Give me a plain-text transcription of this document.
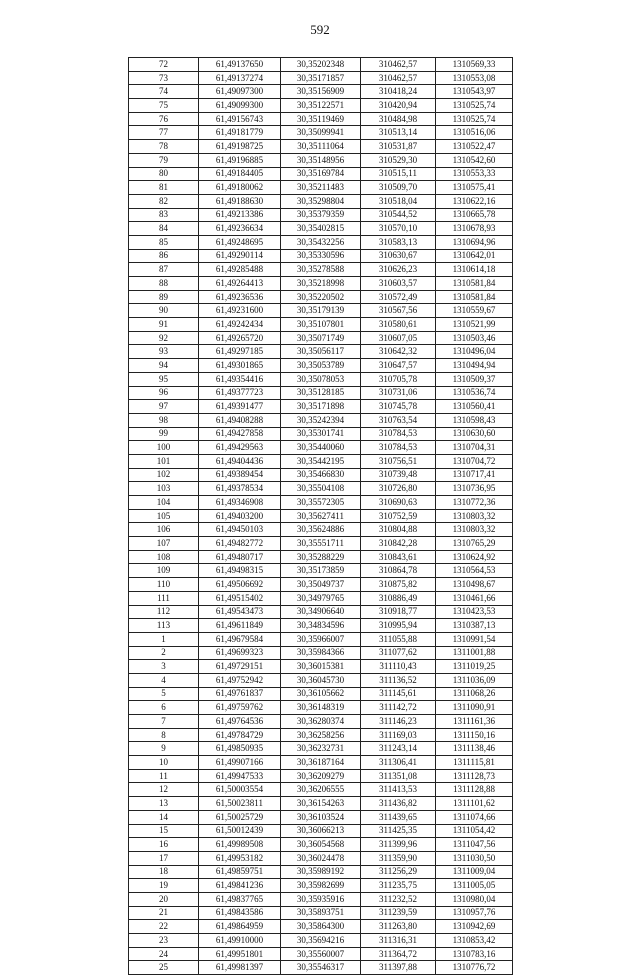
592
72	61,49137650	30,35202348	310462,57	1310569,33
73	61,49137274	30,35171857	310462,57	1310553,08
74	61,49097300	30,35156909	310418,24	1310543,97
75	61,49099300	30,35122571	310420,94	1310525,74
76	61,49156743	30,35119469	310484,98	1310525,74
77	61,49181779	30,35099941	310513,14	1310516,06
78	61,49198725	30,35111064	310531,87	1310522,47
79	61,49196885	30,35148956	310529,30	1310542,60
80	61,49184405	30,35169784	310515,11	1310553,33
81	61,49180062	30,35211483	310509,70	1310575,41
82	61,49188630	30,35298804	310518,04	1310622,16
83	61,49213386	30,35379359	310544,52	1310665,78
84	61,49236634	30,35402815	310570,10	1310678,93
85	61,49248695	30,35432256	310583,13	1310694,96
86	61,49290114	30,35330596	310630,67	1310642,01
87	61,49285488	30,35278588	310626,23	1310614,18
88	61,49264413	30,35218998	310603,57	1310581,84
89	61,49236536	30,35220502	310572,49	1310581,84
90	61,49231600	30,35179139	310567,56	1310559,67
91	61,49242434	30,35107801	310580,61	1310521,99
92	61,49265720	30,35071749	310607,05	1310503,46
93	61,49297185	30,35056117	310642,32	1310496,04
94	61,49301865	30,35053789	310647,57	1310494,94
95	61,49354416	30,35078053	310705,78	1310509,37
96	61,49377723	30,35128185	310731,06	1310536,74
97	61,49391477	30,35171898	310745,78	1310560,41
98	61,49408288	30,35242394	310763,54	1310598,43
99	61,49427858	30,35301741	310784,53	1310630,60
100	61,49429563	30,35440060	310784,53	1310704,31
101	61,49404436	30,35442195	310756,51	1310704,72
102	61,49389454	30,35466830	310739,48	1310717,41
103	61,49378534	30,35504108	310726,80	1310736,95
104	61,49346908	30,35572305	310690,63	1310772,36
105	61,49403200	30,35627411	310752,59	1310803,32
106	61,49450103	30,35624886	310804,88	1310803,32
107	61,49482772	30,35551711	310842,28	1310765,29
108	61,49480717	30,35288229	310843,61	1310624,92
109	61,49498315	30,35173859	310864,78	1310564,53
110	61,49506692	30,35049737	310875,82	1310498,67
111	61,49515402	30,34979765	310886,49	1310461,66
112	61,49543473	30,34906640	310918,77	1310423,53
113	61,49611849	30,34834596	310995,94	1310387,13
1	61,49679584	30,35966007	311055,88	1310991,54
2	61,49699323	30,35984366	311077,62	1311001,88
3	61,49729151	30,36015381	311110,43	1311019,25
4	61,49752942	30,36045730	311136,52	1311036,09
5	61,49761837	30,36105662	311145,61	1311068,26
6	61,49759762	30,36148319	311142,72	1311090,91
7	61,49764536	30,36280374	311146,23	1311161,36
8	61,49784729	30,36258256	311169,03	1311150,16
9	61,49850935	30,36232731	311243,14	1311138,46
10	61,49907166	30,36187164	311306,41	1311115,81
11	61,49947533	30,36209279	311351,08	1311128,73
12	61,50003554	30,36206555	311413,53	1311128,88
13	61,50023811	30,36154263	311436,82	1311101,62
14	61,50025729	30,36103524	311439,65	1311074,66
15	61,50012439	30,36066213	311425,35	1311054,42
16	61,49989508	30,36054568	311399,96	1311047,56
17	61,49953182	30,36024478	311359,90	1311030,50
18	61,49859751	30,35989192	311256,29	1311009,04
19	61,49841236	30,35982699	311235,75	1311005,05
20	61,49837765	30,35935916	311232,52	1310980,04
21	61,49843586	30,35893751	311239,59	1310957,76
22	61,49864959	30,35864300	311263,80	1310942,69
23	61,49910000	30,35694216	311316,31	1310853,42
24	61,49951801	30,35560007	311364,72	1310783,16
25	61,49981397	30,35546317	311397,88	1310776,72
